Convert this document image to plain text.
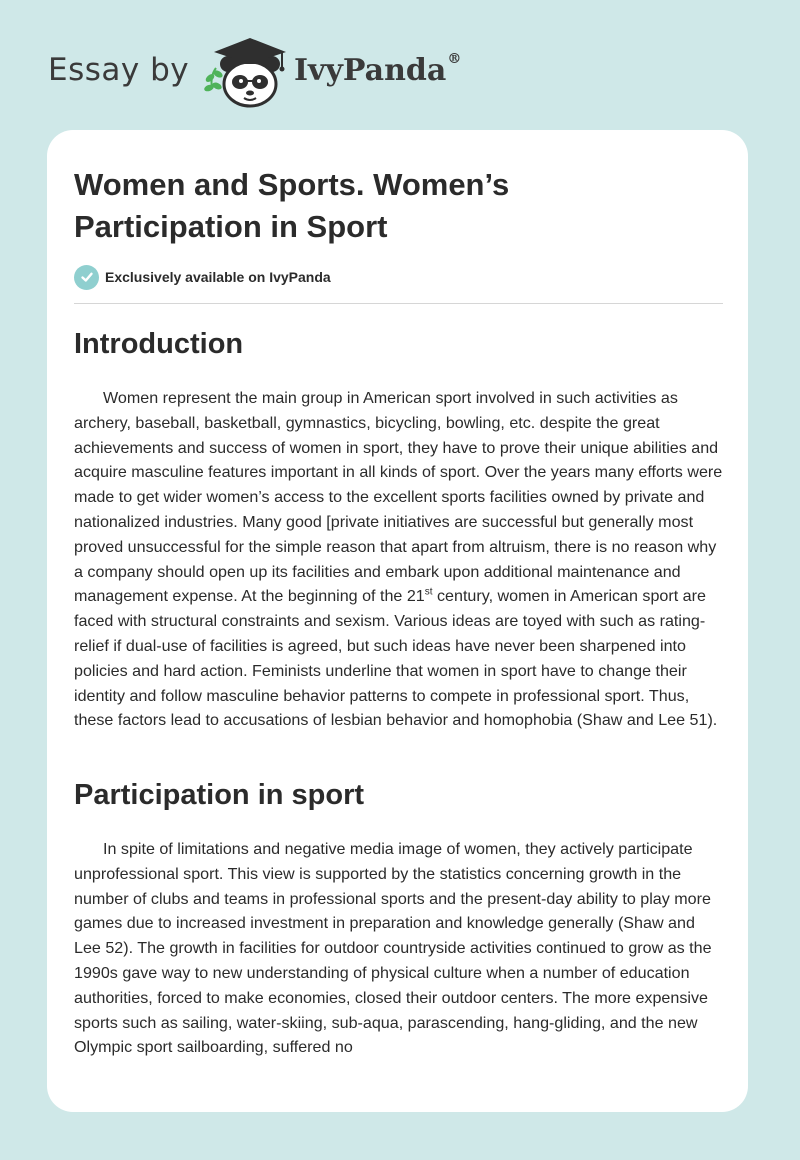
Essay by	IvyPanda®
Women and Sports. Women’s Participation in Sport
Exclusively available on IvyPanda
Introduction

Women represent the main group in American sport involved in such activities as archery, baseball, basketball, gymnastics, bicycling, bowling, etc. despite the great achievements and success of women in sport, they have to prove their unique abilities and acquire masculine features important in all kinds of sport. Over the years many efforts were made to get wider women’s access to the excellent sports facilities owned by private and nationalized industries. Many good [private initiatives are successful but generally most proved unsuccessful for the simple reason that apart from altruism, there is no reason why a company should open up its facilities and embark upon additional maintenance and management expense. At the beginning of the 21st century, women in American sport are faced with structural constraints and sexism. Various ideas are toyed with such as rating-relief if dual-use of facilities is agreed, but such ideas have never been sharpened into policies and hard action. Feminists underline that women in sport have to change their identity and follow masculine behavior patterns to compete in professional sport. Thus, these factors lead to accusations of lesbian behavior and homophobia (Shaw and Lee 51).

Participation in sport

In spite of limitations and negative media image of women, they actively participate unprofessional sport. This view is supported by the statistics concerning growth in the number of clubs and teams in professional sports and the present-day ability to play more games due to increased investment in preparation and knowledge generally (Shaw and Lee 52). The growth in facilities for outdoor countryside activities continued to grow as the 1990s gave way to new understanding of physical culture when a number of education authorities, forced to make economies, closed their outdoor centers. The more expensive sports such as sailing, water-skiing, sub-aqua, parascending, hang-gliding, and the new Olympic sport sailboarding, suffered no
